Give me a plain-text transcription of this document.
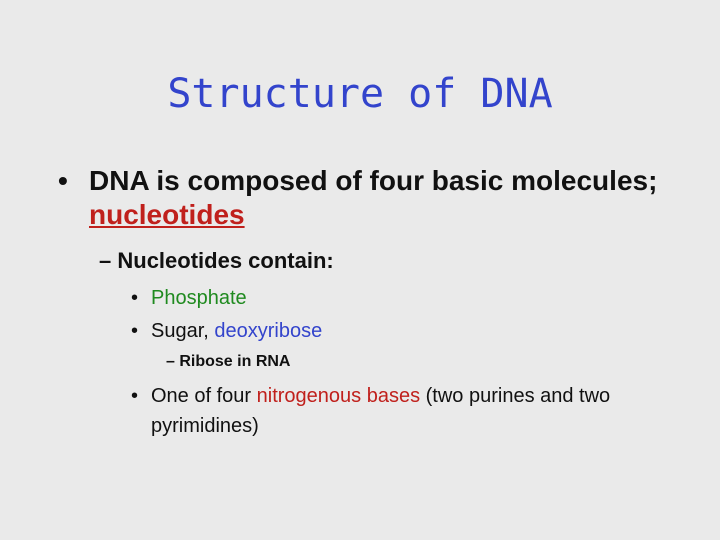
Structure of DNA
• DNA is composed of four basic molecules; nucleotides
– Nucleotides contain:
• Phosphate
• Sugar, deoxyribose
– Ribose in RNA
• One of four nitrogenous bases (two purines and two pyrimidines)
